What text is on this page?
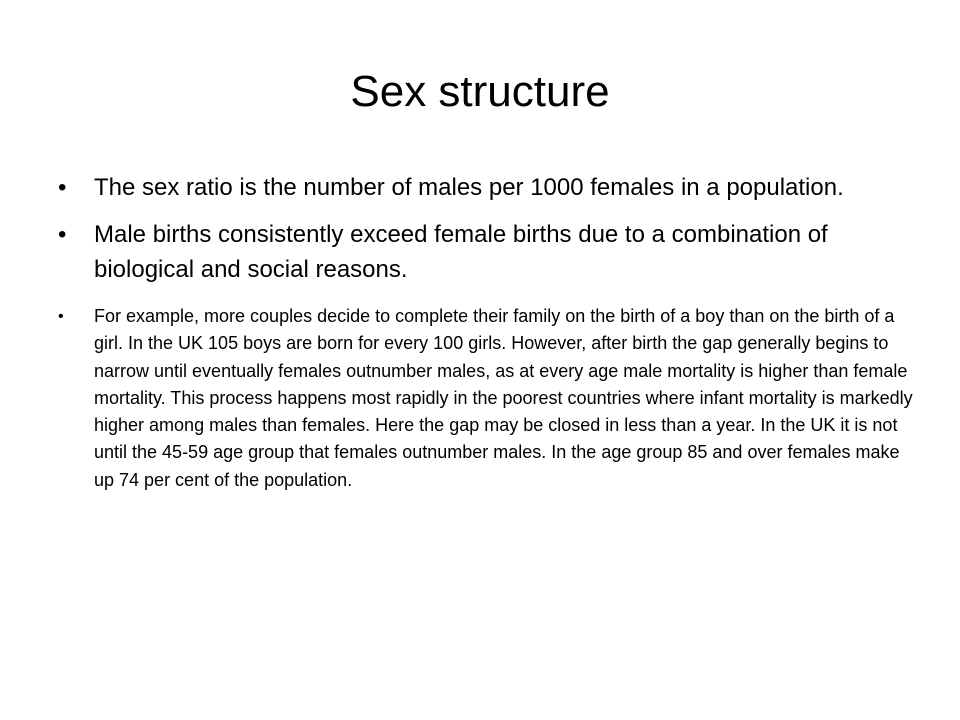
Sex structure
• The sex ratio is the number of males per 1000 females in a population.
• Male births consistently exceed female births due to a combination of biological and social reasons.
• For example, more couples decide to complete their family on the birth of a boy than on the birth of a girl. In the UK 105 boys are born for every 100 girls. However, after birth the gap generally begins to narrow until eventually females outnumber males, as at every age male mortality is higher than female mortality. This process happens most rapidly in the poorest countries where infant mortality is markedly higher among males than females. Here the gap may be closed in less than a year. In the UK it is not until the 45-59 age group that females outnumber males. In the age group 85 and over females make up 74 per cent of the population.
